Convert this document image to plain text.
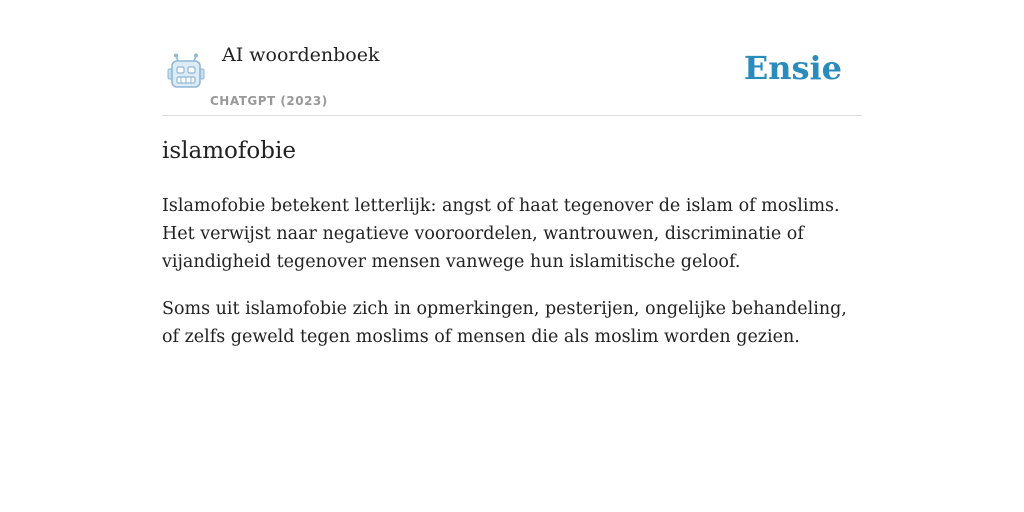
AI woordenboek
CHATGPT (2023)
Ensie
islamofobie

Islamofobie betekent letterlijk: angst of haat tegenover de islam of moslims. Het verwijst naar negatieve vooroordelen, wantrouwen, discriminatie of vijandigheid tegenover mensen vanwege hun islamitische geloof.

Soms uit islamofobie zich in opmerkingen, pesterijen, ongelijke behandeling, of zelfs geweld tegen moslims of mensen die als moslim worden gezien.
